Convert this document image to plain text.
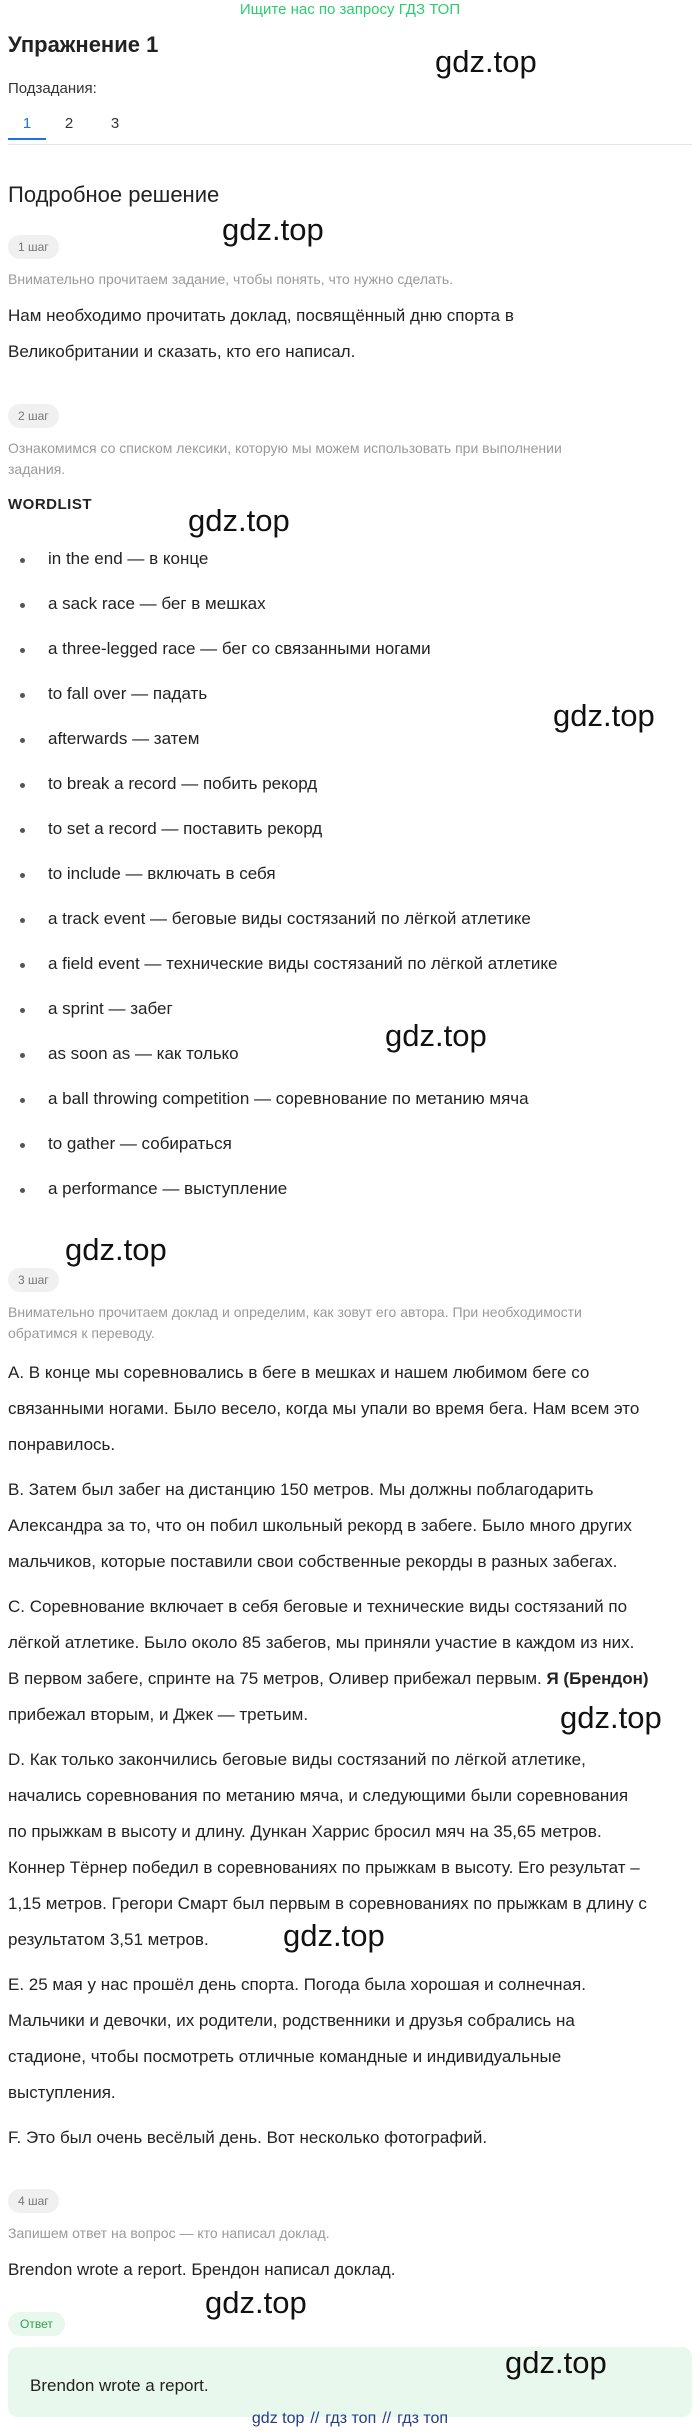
Ищите нас по запросу ГДЗ ТОП
Упражнение 1	gdz.top
Подзадания:
1	2	3
Подробное решение
1 шаг	gdz.top
Внимательно прочитаем задание, чтобы понять, что нужно сделать.
Нам необходимо прочитать доклад, посвящённый дню спорта в
Великобритании и сказать, кто его написал.
2 шаг
Ознакомимся со списком лексики, которую мы можем использовать при выполнении
задания.
WORDLIST	gdz.top
in the end — в конце
a sack race — бег в мешках
a three-legged race — бег со связанными ногами
to fall over — падать
afterwards — затем
to break a record — побить рекорд
to set a record — поставить рекорд
to include — включать в себя
a track event — беговые виды состязаний по лёгкой атлетике
a field event — технические виды состязаний по лёгкой атлетике
a sprint — забег
as soon as — как только
a ball throwing competition — соревнование по метанию мяча
to gather — собираться
a performance — выступление
gdz.top
gdz.top
gdz.top
3 шаг
Внимательно прочитаем доклад и определим, как зовут его автора. При необходимости
обратимся к переводу.
A. В конце мы соревновались в беге в мешках и нашем любимом беге со
связанными ногами. Было весело, когда мы упали во время бега. Нам всем это
понравилось.
B. Затем был забег на дистанцию 150 метров. Мы должны поблагодарить
Александра за то, что он побил школьный рекорд в забеге. Было много других
мальчиков, которые поставили свои собственные рекорды в разных забегах.
C. Соревнование включает в себя беговые и технические виды состязаний по
лёгкой атлетике. Было около 85 забегов, мы приняли участие в каждом из них.
В первом забеге, спринте на 75 метров, Оливер прибежал первым. Я (Брендон)
прибежал вторым, и Джек — третьим.	gdz.top
D. Как только закончились беговые виды состязаний по лёгкой атлетике,
начались соревнования по метанию мяча, и следующими были соревнования
по прыжкам в высоту и длину. Дункан Харрис бросил мяч на 35,65 метров.
Коннер Тёрнер победил в соревнованиях по прыжкам в высоту. Его результат –
1,15 метров. Грегори Смарт был первым в соревнованиях по прыжкам в длину с
результатом 3,51 метров.	gdz.top
E. 25 мая у нас прошёл день спорта. Погода была хорошая и солнечная.
Мальчики и девочки, их родители, родственники и друзья собрались на
стадионе, чтобы посмотреть отличные командные и индивидуальные
выступления.
F. Это был очень весёлый день. Вот несколько фотографий.
4 шаг
Запишем ответ на вопрос — кто написал доклад.
Brendon wrote a report. Брендон написал доклад.
Ответ
gdz.top
Brendon wrote a report.
gdz.top
gdz top // гдз топ // гдз топ
